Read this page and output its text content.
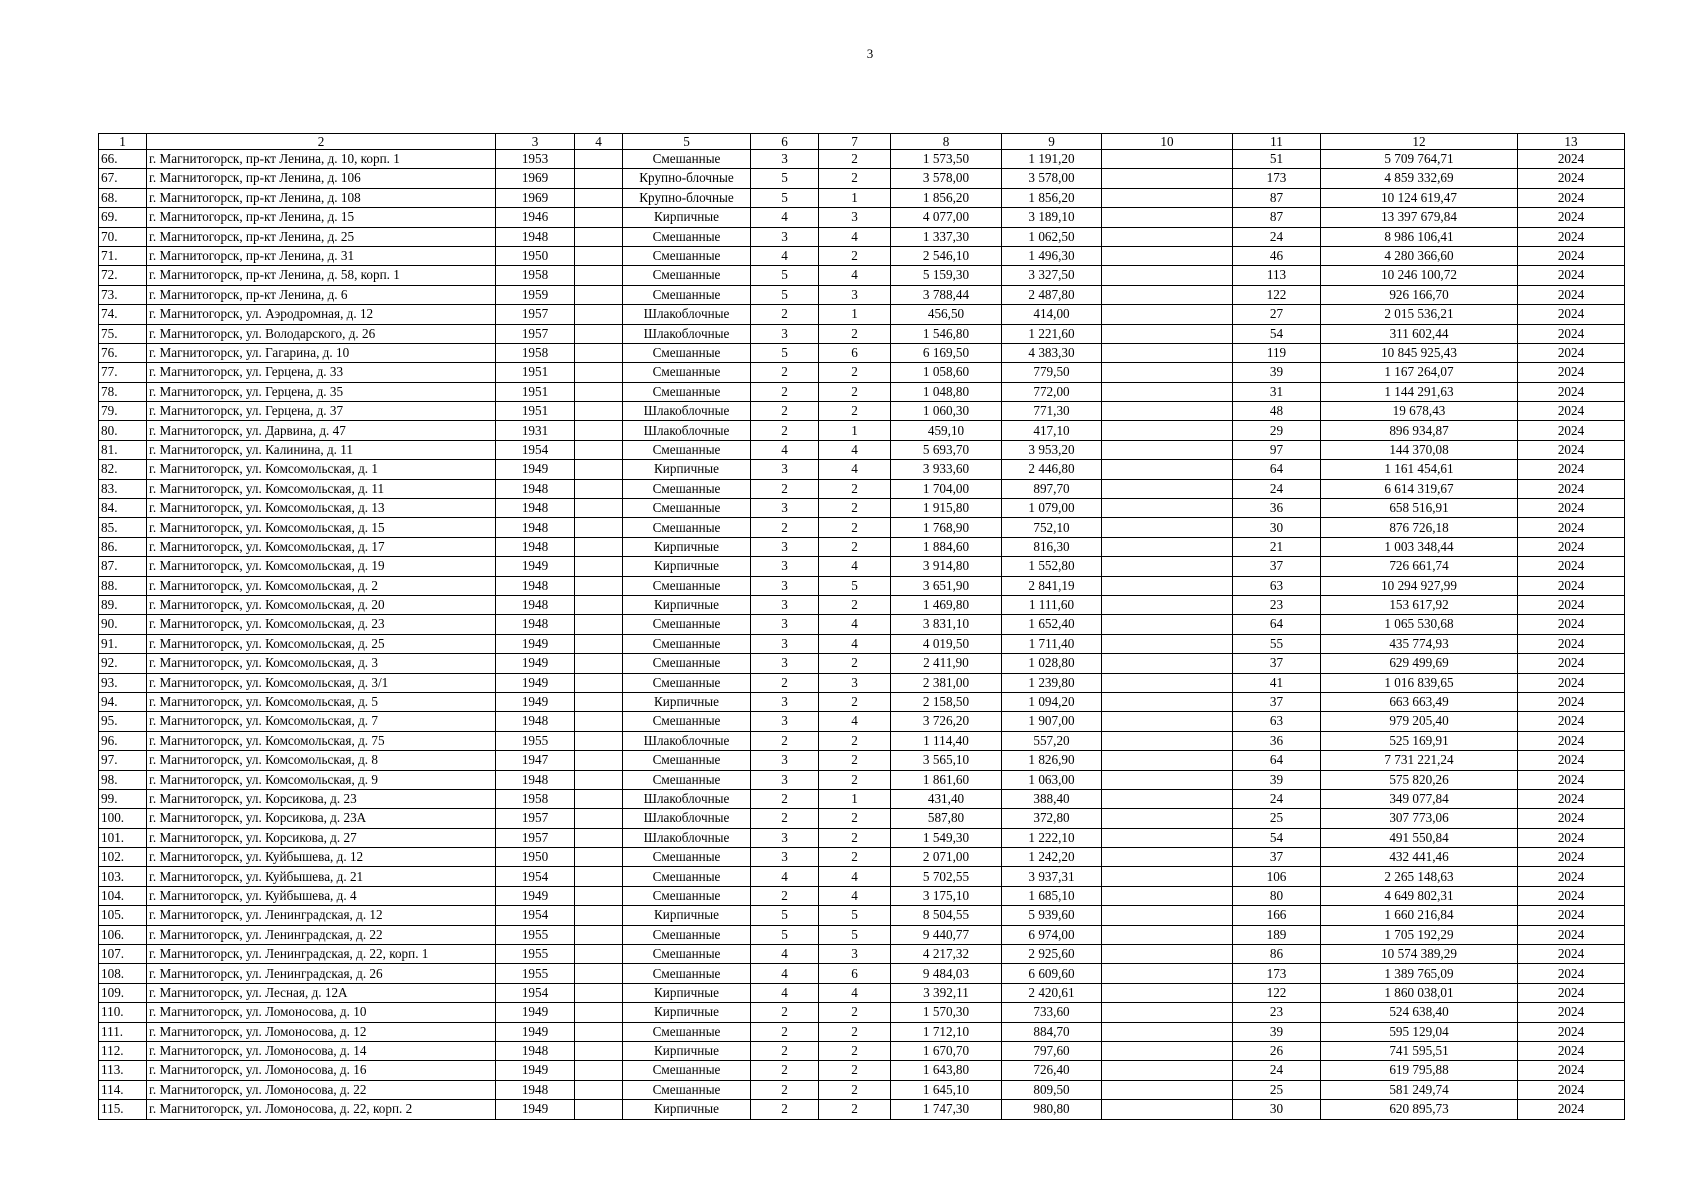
3
1	2	3	4	5	6	7	8	9	10	11	12	13
66.	г. Магнитогорск, пр-кт Ленина, д. 10, корп. 1	1953		Смешанные	3	2	1 573,50	1 191,20		51	5 709 764,71	2024
67.	г. Магнитогорск, пр-кт Ленина, д. 106	1969		Крупно-блочные	5	2	3 578,00	3 578,00		173	4 859 332,69	2024
68.	г. Магнитогорск, пр-кт Ленина, д. 108	1969		Крупно-блочные	5	1	1 856,20	1 856,20		87	10 124 619,47	2024
69.	г. Магнитогорск, пр-кт Ленина, д. 15	1946		Кирпичные	4	3	4 077,00	3 189,10		87	13 397 679,84	2024
70.	г. Магнитогорск, пр-кт Ленина, д. 25	1948		Смешанные	3	4	1 337,30	1 062,50		24	8 986 106,41	2024
71.	г. Магнитогорск, пр-кт Ленина, д. 31	1950		Смешанные	4	2	2 546,10	1 496,30		46	4 280 366,60	2024
72.	г. Магнитогорск, пр-кт Ленина, д. 58, корп. 1	1958		Смешанные	5	4	5 159,30	3 327,50		113	10 246 100,72	2024
73.	г. Магнитогорск, пр-кт Ленина, д. 6	1959		Смешанные	5	3	3 788,44	2 487,80		122	926 166,70	2024
74.	г. Магнитогорск, ул. Аэродромная, д. 12	1957		Шлакоблочные	2	1	456,50	414,00		27	2 015 536,21	2024
75.	г. Магнитогорск, ул. Володарского, д. 26	1957		Шлакоблочные	3	2	1 546,80	1 221,60		54	311 602,44	2024
76.	г. Магнитогорск, ул. Гагарина, д. 10	1958		Смешанные	5	6	6 169,50	4 383,30		119	10 845 925,43	2024
77.	г. Магнитогорск, ул. Герцена, д. 33	1951		Смешанные	2	2	1 058,60	779,50		39	1 167 264,07	2024
78.	г. Магнитогорск, ул. Герцена, д. 35	1951		Смешанные	2	2	1 048,80	772,00		31	1 144 291,63	2024
79.	г. Магнитогорск, ул. Герцена, д. 37	1951		Шлакоблочные	2	2	1 060,30	771,30		48	19 678,43	2024
80.	г. Магнитогорск, ул. Дарвина, д. 47	1931		Шлакоблочные	2	1	459,10	417,10		29	896 934,87	2024
81.	г. Магнитогорск, ул. Калинина, д. 11	1954		Смешанные	4	4	5 693,70	3 953,20		97	144 370,08	2024
82.	г. Магнитогорск, ул. Комсомольская, д. 1	1949		Кирпичные	3	4	3 933,60	2 446,80		64	1 161 454,61	2024
83.	г. Магнитогорск, ул. Комсомольская, д. 11	1948		Смешанные	2	2	1 704,00	897,70		24	6 614 319,67	2024
84.	г. Магнитогорск, ул. Комсомольская, д. 13	1948		Смешанные	3	2	1 915,80	1 079,00		36	658 516,91	2024
85.	г. Магнитогорск, ул. Комсомольская, д. 15	1948		Смешанные	2	2	1 768,90	752,10		30	876 726,18	2024
86.	г. Магнитогорск, ул. Комсомольская, д. 17	1948		Кирпичные	3	2	1 884,60	816,30		21	1 003 348,44	2024
87.	г. Магнитогорск, ул. Комсомольская, д. 19	1949		Кирпичные	3	4	3 914,80	1 552,80		37	726 661,74	2024
88.	г. Магнитогорск, ул. Комсомольская, д. 2	1948		Смешанные	3	5	3 651,90	2 841,19		63	10 294 927,99	2024
89.	г. Магнитогорск, ул. Комсомольская, д. 20	1948		Кирпичные	3	2	1 469,80	1 111,60		23	153 617,92	2024
90.	г. Магнитогорск, ул. Комсомольская, д. 23	1948		Смешанные	3	4	3 831,10	1 652,40		64	1 065 530,68	2024
91.	г. Магнитогорск, ул. Комсомольская, д. 25	1949		Смешанные	3	4	4 019,50	1 711,40		55	435 774,93	2024
92.	г. Магнитогорск, ул. Комсомольская, д. 3	1949		Смешанные	3	2	2 411,90	1 028,80		37	629 499,69	2024
93.	г. Магнитогорск, ул. Комсомольская, д. 3/1	1949		Смешанные	2	3	2 381,00	1 239,80		41	1 016 839,65	2024
94.	г. Магнитогорск, ул. Комсомольская, д. 5	1949		Кирпичные	3	2	2 158,50	1 094,20		37	663 663,49	2024
95.	г. Магнитогорск, ул. Комсомольская, д. 7	1948		Смешанные	3	4	3 726,20	1 907,00		63	979 205,40	2024
96.	г. Магнитогорск, ул. Комсомольская, д. 75	1955		Шлакоблочные	2	2	1 114,40	557,20		36	525 169,91	2024
97.	г. Магнитогорск, ул. Комсомольская, д. 8	1947		Смешанные	3	2	3 565,10	1 826,90		64	7 731 221,24	2024
98.	г. Магнитогорск, ул. Комсомольская, д. 9	1948		Смешанные	3	2	1 861,60	1 063,00		39	575 820,26	2024
99.	г. Магнитогорск, ул. Корсикова, д. 23	1958		Шлакоблочные	2	1	431,40	388,40		24	349 077,84	2024
100.	г. Магнитогорск, ул. Корсикова, д. 23А	1957		Шлакоблочные	2	2	587,80	372,80		25	307 773,06	2024
101.	г. Магнитогорск, ул. Корсикова, д. 27	1957		Шлакоблочные	3	2	1 549,30	1 222,10		54	491 550,84	2024
102.	г. Магнитогорск, ул. Куйбышева, д. 12	1950		Смешанные	3	2	2 071,00	1 242,20		37	432 441,46	2024
103.	г. Магнитогорск, ул. Куйбышева, д. 21	1954		Смешанные	4	4	5 702,55	3 937,31		106	2 265 148,63	2024
104.	г. Магнитогорск, ул. Куйбышева, д. 4	1949		Смешанные	2	4	3 175,10	1 685,10		80	4 649 802,31	2024
105.	г. Магнитогорск, ул. Ленинградская, д. 12	1954		Кирпичные	5	5	8 504,55	5 939,60		166	1 660 216,84	2024
106.	г. Магнитогорск, ул. Ленинградская, д. 22	1955		Смешанные	5	5	9 440,77	6 974,00		189	1 705 192,29	2024
107.	г. Магнитогорск, ул. Ленинградская, д. 22, корп. 1	1955		Смешанные	4	3	4 217,32	2 925,60		86	10 574 389,29	2024
108.	г. Магнитогорск, ул. Ленинградская, д. 26	1955		Смешанные	4	6	9 484,03	6 609,60		173	1 389 765,09	2024
109.	г. Магнитогорск, ул. Лесная, д. 12А	1954		Кирпичные	4	4	3 392,11	2 420,61		122	1 860 038,01	2024
110.	г. Магнитогорск, ул. Ломоносова, д. 10	1949		Кирпичные	2	2	1 570,30	733,60		23	524 638,40	2024
111.	г. Магнитогорск, ул. Ломоносова, д. 12	1949		Смешанные	2	2	1 712,10	884,70		39	595 129,04	2024
112.	г. Магнитогорск, ул. Ломоносова, д. 14	1948		Кирпичные	2	2	1 670,70	797,60		26	741 595,51	2024
113.	г. Магнитогорск, ул. Ломоносова, д. 16	1949		Смешанные	2	2	1 643,80	726,40		24	619 795,88	2024
114.	г. Магнитогорск, ул. Ломоносова, д. 22	1948		Смешанные	2	2	1 645,10	809,50		25	581 249,74	2024
115.	г. Магнитогорск, ул. Ломоносова, д. 22, корп. 2	1949		Кирпичные	2	2	1 747,30	980,80		30	620 895,73	2024
